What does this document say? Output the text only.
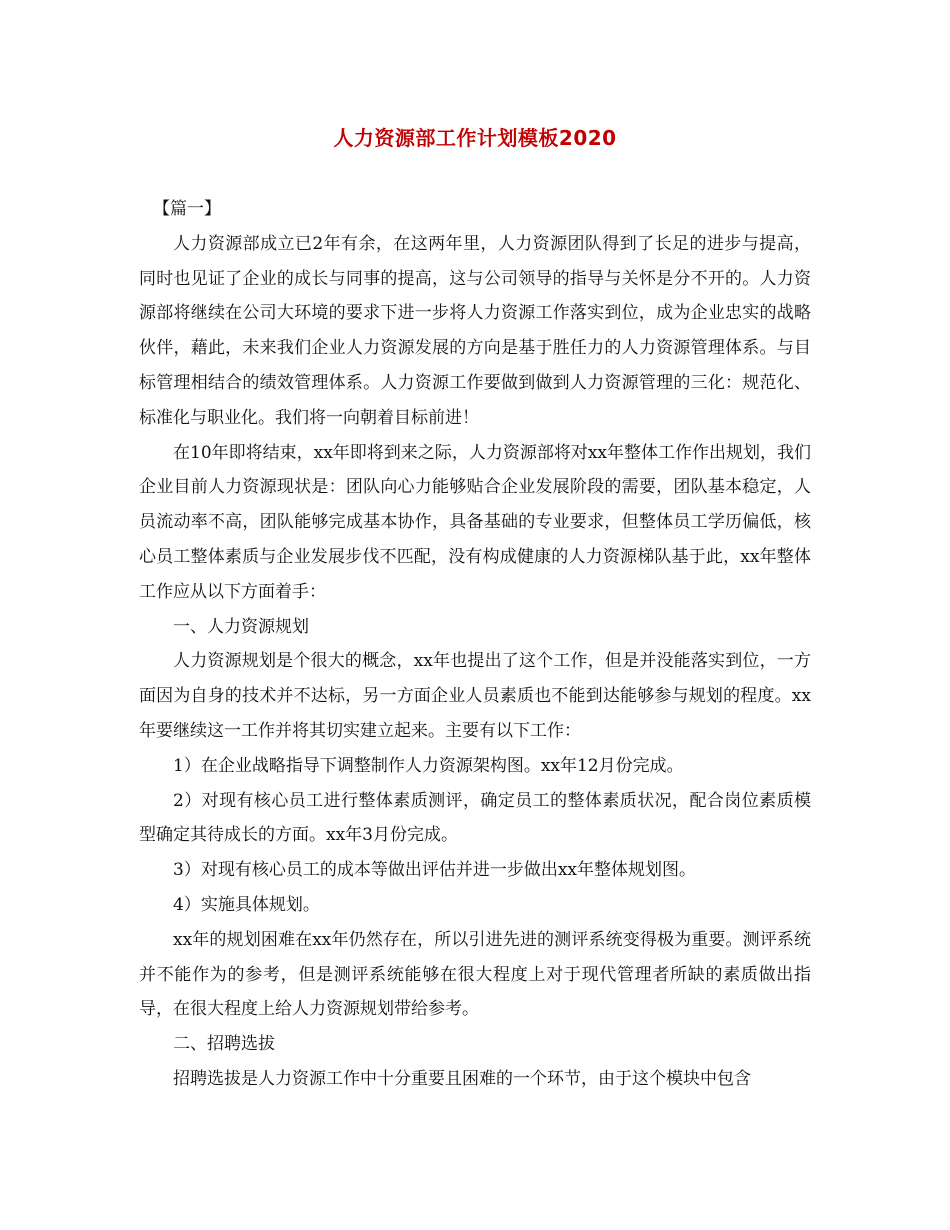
人力资源部工作计划模板2020

【篇一】

人力资源部成立已2年有余，在这两年里，人力资源团队得到了长足的进步与提高，同时也见证了企业的成长与同事的提高，这与公司领导的指导与关怀是分不开的。人力资源部将继续在公司大环境的要求下进一步将人力资源工作落实到位，成为企业忠实的战略伙伴，藉此，未来我们企业人力资源发展的方向是基于胜任力的人力资源管理体系。与目标管理相结合的绩效管理体系。人力资源工作要做到做到人力资源管理的三化：规范化、标准化与职业化。我们将一向朝着目标前进！

在10年即将结束，xx年即将到来之际，人力资源部将对xx年整体工作作出规划，我们企业目前人力资源现状是：团队向心力能够贴合企业发展阶段的需要，团队基本稳定，人员流动率不高，团队能够完成基本协作，具备基础的专业要求，但整体员工学历偏低，核心员工整体素质与企业发展步伐不匹配，没有构成健康的人力资源梯队基于此，xx年整体工作应从以下方面着手：

一、人力资源规划

人力资源规划是个很大的概念，xx年也提出了这个工作，但是并没能落实到位，一方面因为自身的技术并不达标，另一方面企业人员素质也不能到达能够参与规划的程度。xx年要继续这一工作并将其切实建立起来。主要有以下工作：

1）在企业战略指导下调整制作人力资源架构图。xx年12月份完成。

2）对现有核心员工进行整体素质测评，确定员工的整体素质状况，配合岗位素质模型确定其待成长的方面。xx年3月份完成。

3）对现有核心员工的成本等做出评估并进一步做出xx年整体规划图。

4）实施具体规划。

xx年的规划困难在xx年仍然存在，所以引进先进的测评系统变得极为重要。测评系统并不能作为的参考，但是测评系统能够在很大程度上对于现代管理者所缺的素质做出指导，在很大程度上给人力资源规划带给参考。

二、招聘选拔

招聘选拔是人力资源工作中十分重要且困难的一个环节，由于这个模块中包含
